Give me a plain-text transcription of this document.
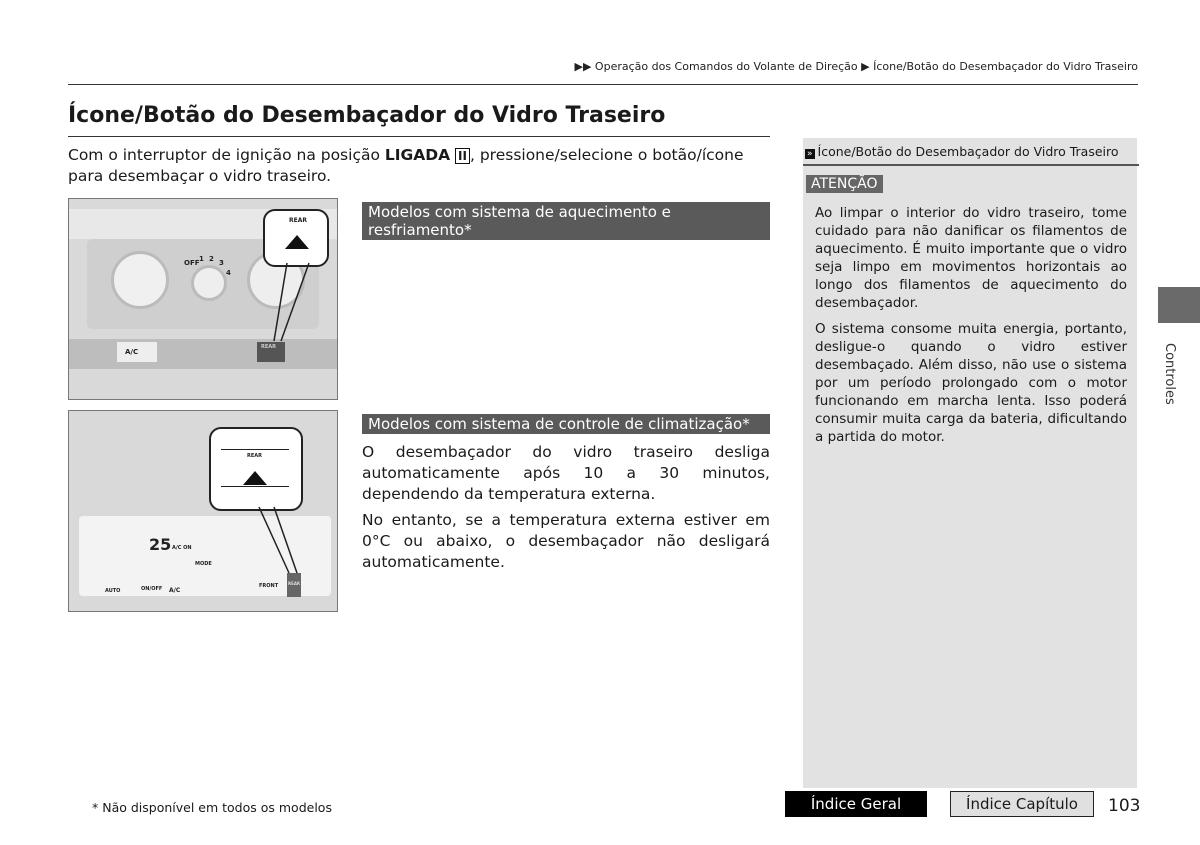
▶▶ Operação dos Comandos do Volante de Direção ▶ Ícone/Botão do Desembaçador do Vidro Traseiro
Ícone/Botão do Desembaçador do Vidro Traseiro
Com o interruptor de ignição na posição LIGADA II , pressione/selecione o botão/ícone para desembaçar o vidro traseiro.
OFF 1 2 3
4
A/C
REAR
REAR	Modelos com sistema de aquecimento e resfriamento*
25 A/C ON
MODE
AUTO	ON/OFF A/C
FRONT REAR
REAR
Modelos com sistema de controle de climatização*

O desembaçador do vidro traseiro desliga automaticamente após 10 a 30 minutos, dependendo da temperatura externa.

No entanto, se a temperatura externa estiver em 0°C ou abaixo, o desembaçador não desligará automaticamente.

» Ícone/Botão do Desembaçador do Vidro Traseiro
ATENÇÃO

Ao limpar o interior do vidro traseiro, tome cuidado para não danificar os filamentos de aquecimento. É muito importante que o vidro seja limpo em movimentos horizontais ao longo dos filamentos de aquecimento do desembaçador.

O sistema consome muita energia, portanto, desligue-o quando o vidro estiver desembaçado. Além disso, não use o sistema por um período prolongado com o motor funcionando em marcha lenta. Isso poderá consumir muita carga da bateria, dificultando a partida do motor.

Controles
* Não disponível em todos os modelos	Índice Geral	Índice Capítulo	103
